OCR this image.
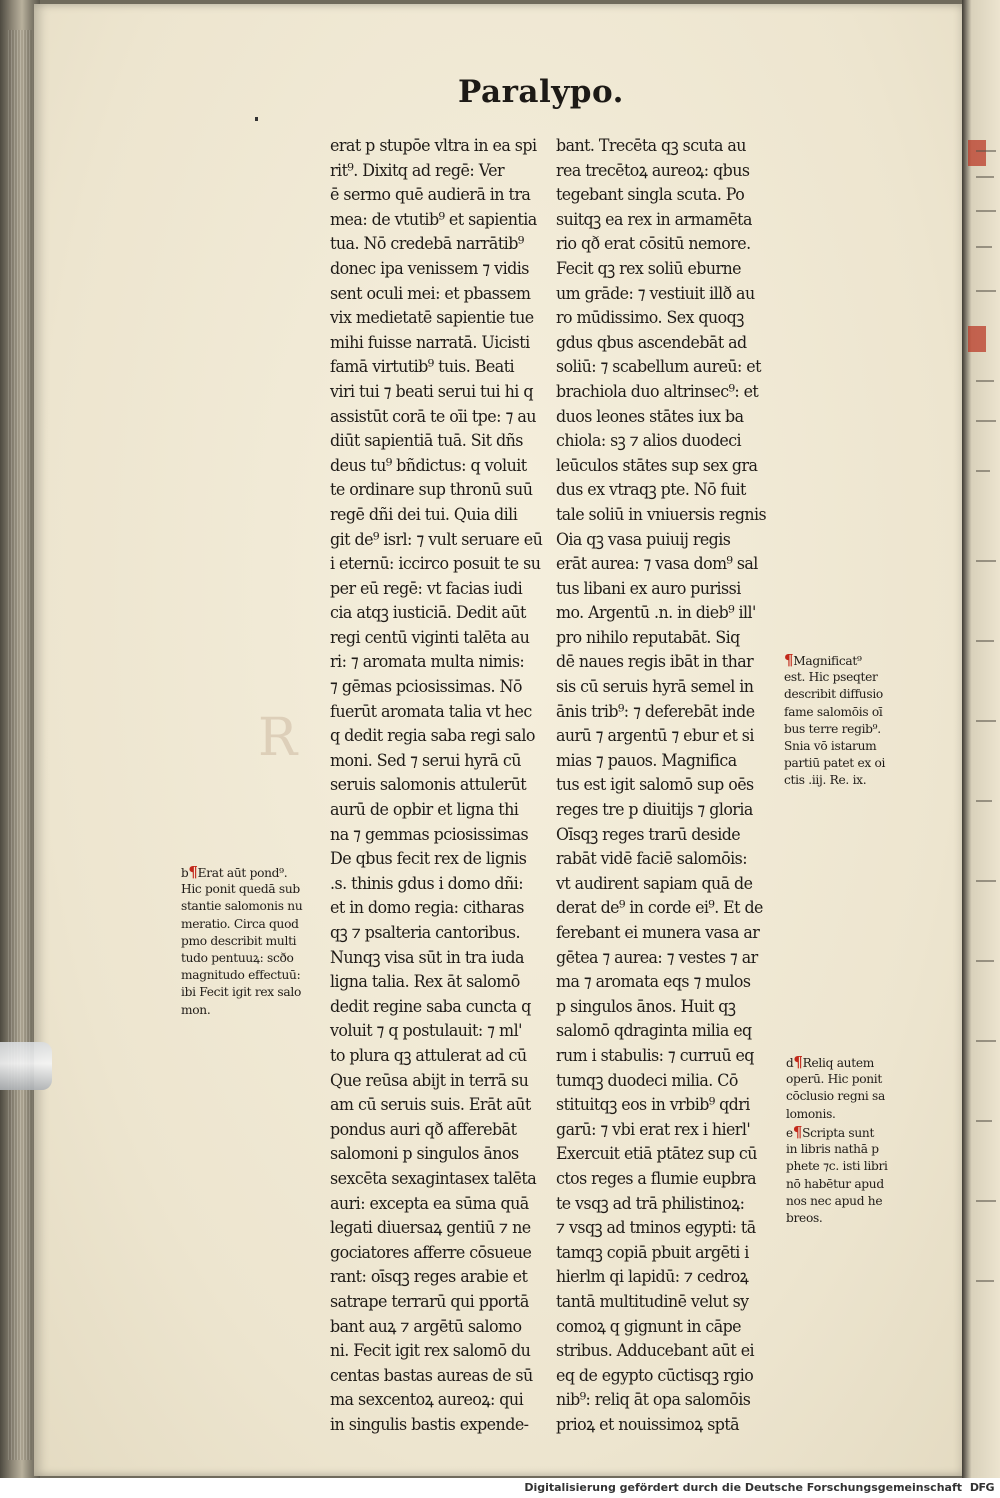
R
Paralypo.
erat p stupōe vltra in ea spi
rit⁹. Dixitq ad regē: Ver
ē sermo quē audierā in tra
mea: de vtutib⁹ et sapientia
tua. Nō credebā narrātib⁹
donec ipa venissem ⁊ vidis
sent oculi mei: et pbassem
vix medietatē sapientie tue
mihi fuisse narratā. Uicisti
famā virtutib⁹ tuis. Beati
viri tui ⁊ beati serui tui hi q
assistūt corā te oīi tpe: ⁊ au
diūt sapientiā tuā. Sit dñs
deus tu⁹ bñdictus: q voluit
te ordinare sup thronū suū
regē dñi dei tui. Quia dili
git de⁹ isrl: ⁊ vult seruare eū
i eternū: iccirco posuit te su
per eū regē: vt facias iudi
cia atqꝫ iusticiā. Dedit aūt
regi centū viginti talēta au
ri: ⁊ aromata multa nimis:
⁊ gēmas pciosissimas. Nō
fuerūt aromata talia vt hec
q dedit regia saba regi salo
moni. Sed ⁊ serui hyrā cū
seruis salomonis attulerūt
aurū de opbir et ligna thi
na ⁊ gemmas pciosissimas
De qbus fecit rex de lignis
.s. thinis gdus i domo dñi:
et in domo regia: citharas
qꝫ ⁊ psalteria cantoribus.
Nunqꝫ visa sūt in tra iuda
ligna talia. Rex āt salomō
dedit regine saba cuncta q
voluit ⁊ q postulauit: ⁊ ml'
to plura qꝫ attulerat ad cū
Que reūsa abijt in terrā su
am cū seruis suis. Erāt aūt
pondus auri qð afferebāt
salomoni p singulos ānos
sexcēta sexagintasex talēta
auri: excepta ea sūma quā
legati diuersaꝝ gentiū ⁊ ne
gociatores afferre cōsueue
rant: oīsqꝫ reges arabie et
satrape terrarū qui pportā
bant auꝝ ⁊ argētū salomo
ni. Fecit igit rex salomō du
centas bastas aureas de sū
ma sexcentoꝝ aureoꝝ: qui
in singulis bastis expende-
bant. Trecēta qꝫ scuta au
rea trecētoꝝ aureoꝝ: qbus
tegebant singla scuta. Po
suitqꝫ ea rex in armamēta
rio qð erat cōsitū nemore.
Fecit qꝫ rex soliū eburne
um grāde: ⁊ vestiuit illð au
ro mūdissimo. Sex quoqꝫ
gdus qbus ascendebāt ad
soliū: ⁊ scabellum aureū: et
brachiola duo altrinsec⁹: et
duos leones stātes iux ba
chiola: sꝫ ⁊ alios duodeci
leūculos stātes sup sex gra
dus ex vtraqꝫ pte. Nō fuit
tale soliū in vniuersis regnis
Oia qꝫ vasa puiuij regis
erāt aurea: ⁊ vasa dom⁹ sal
tus libani ex auro purissi
mo. Argentū .n. in dieb⁹ ill'
pro nihilo reputabāt. Siq
dē naues regis ibāt in thar
sis cū seruis hyrā semel in
ānis trib⁹: ⁊ deferebāt inde
aurū ⁊ argentū ⁊ ebur et si
mias ⁊ pauos. Magnifica
tus est igit salomō sup oēs
reges tre p diuitijs ⁊ gloria
Oīsqꝫ reges trarū deside
rabāt vidē faciē salomōis:
vt audirent sapiam quā de
derat de⁹ in corde ei⁹. Et de
ferebant ei munera vasa ar
gētea ⁊ aurea: ⁊ vestes ⁊ ar
ma ⁊ aromata eqs ⁊ mulos
p singulos ānos. Huit qꝫ
salomō qdraginta milia eq
rum i stabulis: ⁊ curruū eq
tumqꝫ duodeci milia. Cō
stituitqꝫ eos in vrbib⁹ qdri
garū: ⁊ vbi erat rex i hierl'
Exercuit etiā ptātez sup cū
ctos reges a flumie eupbra
te vsqꝫ ad trā philistinoꝝ:
⁊ vsqꝫ ad tminos egypti: tā
tamqꝫ copiā pbuit argēti i
hierlm qi lapidū: ⁊ cedroꝝ
tantā multitudinē velut sy
comoꝝ q gignunt in cāpe
stribus. Adducebant aūt ei
eq de egypto cūctisqꝫ rgio
nib⁹: reliq āt opa salomōis
prioꝝ et nouissimoꝝ sptā
b¶Erat aūt pond⁹.
Hic ponit quedā sub
stantie salomonis nu
meratio. Circa quod
pmo describit multi
tudo pentuuꝝ: scðo
magnitudo effectuū:
ibi Fecit igit rex salo
mon.
¶Magnificat⁹
est. Hic pseqter
describit diffusio
fame salomōis oī
bus terre regib⁹.
Snia vō istarum
partiū patet ex oi
ctis .iij. Re. ix.
d¶Reliq autem
operū. Hic ponit
cōclusio regni sa
lomonis.
e¶Scripta sunt
in libris nathā p
phete ⁊c. isti libri
nō habētur apud
nos nec apud he
breos.
Digitalisierung gefördert durch die Deutsche Forschungsgemeinschaft DFG
